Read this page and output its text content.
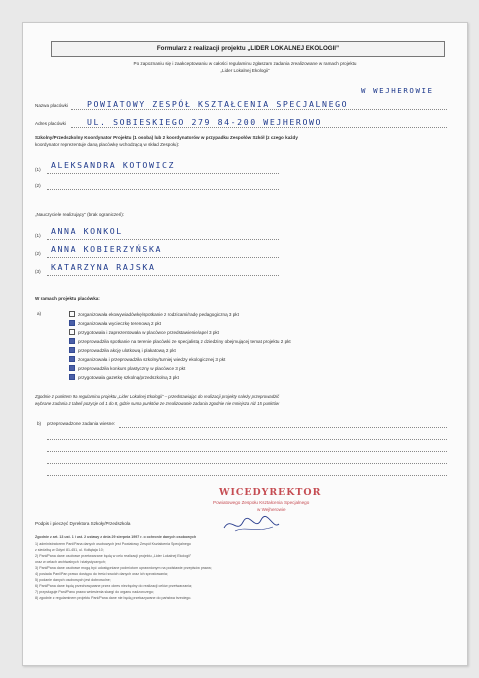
Formularz z realizacji projektu „LIDER LOKALNEJ EKOLOGII”
Po zapoznaniu się i zaakceptowaniu w całości regulaminu zgłaszam zadania zrealizowane w ramach projektu
„Lider Lokalnej Ekologii”
Nazwa placówki POWIATOWY ZESPÓŁ KSZTAŁCENIA SPECJALNEGO
W WEJHEROWIE
Adres placówki	UL. SOBIESKIEGO 279 84-200 WEJHEROWO
Szkolny/Przedszkolny Koordynator Projektu (1 osoba) lub 2 koordynatorów w przypadku Zespołów Szkół (z czego każdy
koordynator reprezentuje daną placówkę wchodzącą w skład Zespołu):
(1) ALEKSANDRA KOTOWICZ
(2)
„Nauczyciele realizujący” (brak ograniczeń):
(1) ANNA KONKOL
(2) ANNA KOBIERZYŃSKA
(3) KATARZYNA RAJSKA
W ramach projektu placówka:
a)	zorganizowała ekowywiadówkę/spotkanie z rodzicami/radę pedagogiczną 3 pkt
zorganizowała wycieczkę terenową 2 pkt
przygotowała i zaprezentowała w placówce przedstawienie/apel 3 pkt
przeprowadziła spotkanie na terenie placówki ze specjalistą z dziedziny obejmującej temat projektu 2 pkt
przeprowadziła akcję ulotkową i plakatową 2 pkt
zorganizowała i przeprowadziła szkolny/turniej wiedzy ekologicznej 3 pkt
przeprowadziła konkurs plastyczny w placówce 3 pkt
przygotowała gazetkę szkolną/przedszkolną 3 pkt
Zgodnie z punktem 9a regulaminu projektu „Lider Lokalnej Ekologii” – przedstawiając do realizacji projekty należy przeprowadzić
wybrane zadania z tabeli pozycje od 1 do 8, gdzie suma punktów ze zrealizowanie zadania zgodnie nie mniejsza niż 15 punktów
b) przeprowadzone zadania wiesne:
WICEDYREKTOR
Powiatowego Zespołu Kształcenia Specjalnego
w Wejherowie
Podpis i pieczęć Dyrektora Szkoły/Przedszkola
Zgodnie z art. 13 ust. 1 i ust. 2 ustawy z dnia 29 sierpnia 1997 r. o ochronie danych osobowych
1) administratorem Pani/Pana danych osobowych jest Powiatowy Zespół Kształcenia Specjalnego
z siedzibą w Gdyni 81-451, ul. Kołłątaja 10;
2) Pani/Pana dane osobowe przetwarzane będą w celu realizacji projektu „Lider Lokalnej Ekologii”
oraz w celach archiwalnych i statystycznych;
3) Pani/Pana dane osobowe mogą być udostępniane podmiotom uprawnionym na podstawie przepisów prawa;
4) posiada Pani/Pan prawo dostępu do treści swoich danych oraz ich sprostowania;
5) podanie danych osobowych jest dobrowolne;
6) Pani/Pana dane będą przechowywane przez okres niezbędny do realizacji celów przetwarzania;
7) przysługuje Pani/Panu prawo wniesienia skargi do organu nadzorczego;
8) zgodnie z regulaminem projektu Pani/Pana dane nie będą przekazywane do państwa trzeciego.
